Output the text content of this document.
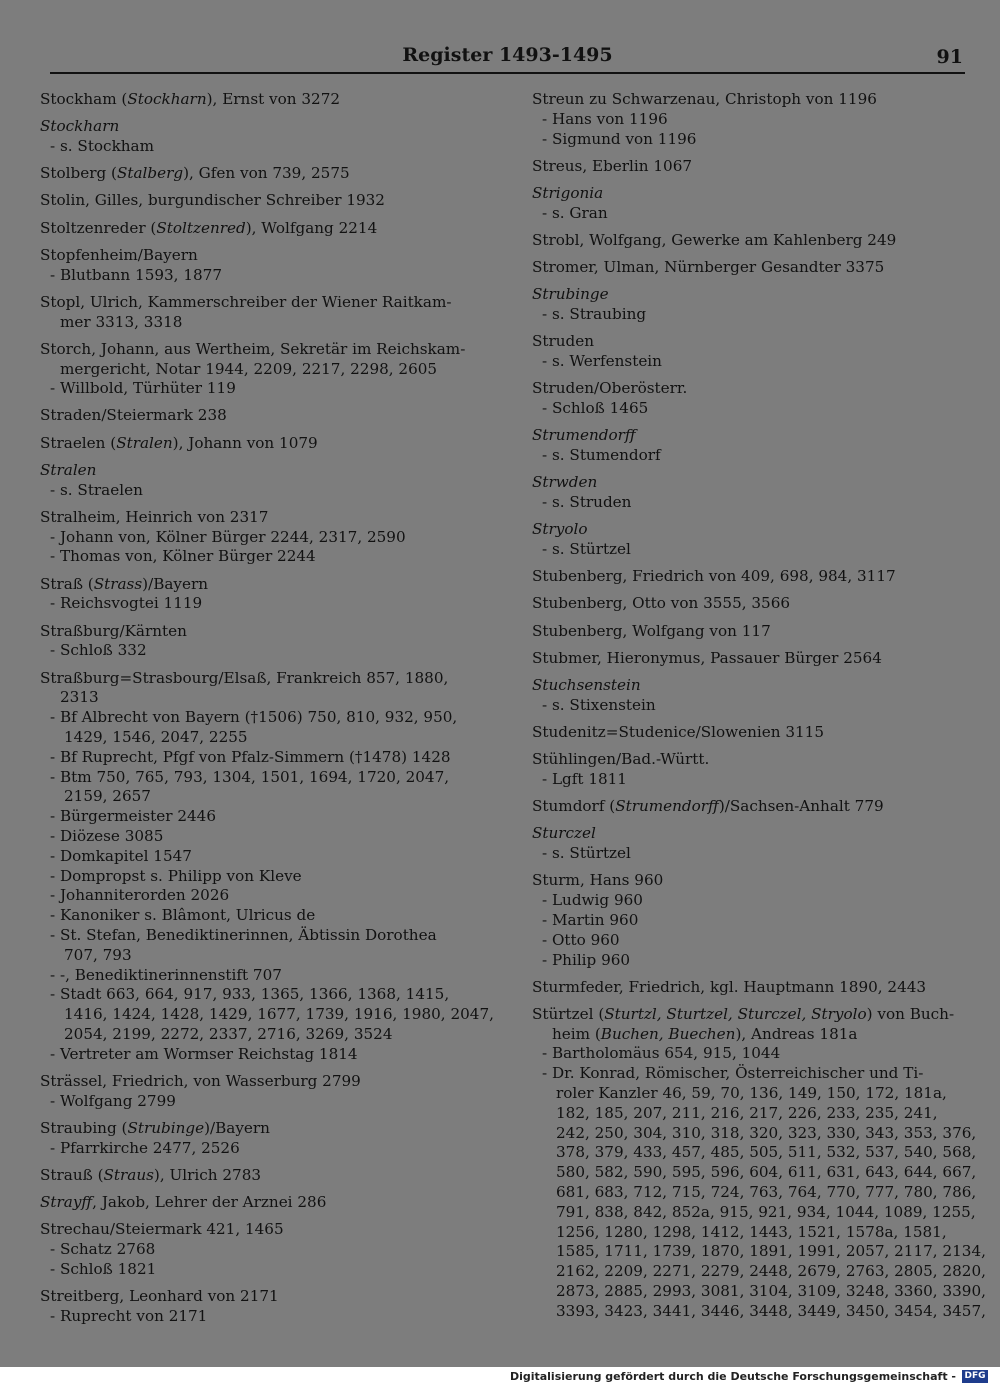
Register 1493-1495	91
Stockham (Stockharn), Ernst von 3272
Stockharn
- s. Stockham
Stolberg (Stalberg), Gfen von 739, 2575
Stolin, Gilles, burgundischer Schreiber 1932
Stoltzenreder (Stoltzenred), Wolfgang 2214
Stopfenheim/Bayern
- Blutbann 1593, 1877
Stopl, Ulrich, Kammerschreiber der Wiener Raitkam-
mer 3313, 3318
Storch, Johann, aus Wertheim, Sekretär im Reichskam-
mergericht, Notar 1944, 2209, 2217, 2298, 2605
- Willbold, Türhüter 119
Straden/Steiermark 238
Straelen (Stralen), Johann von 1079
Stralen
- s. Straelen
Stralheim, Heinrich von 2317
- Johann von, Kölner Bürger 2244, 2317, 2590
- Thomas von, Kölner Bürger 2244
Straß (Strass)/Bayern
- Reichsvogtei 1119
Straßburg/Kärnten
- Schloß 332
Straßburg=Strasbourg/Elsaß, Frankreich 857, 1880,
2313
- Bf Albrecht von Bayern (†1506) 750, 810, 932, 950,
1429, 1546, 2047, 2255
- Bf Ruprecht, Pfgf von Pfalz-Simmern (†1478) 1428
- Btm 750, 765, 793, 1304, 1501, 1694, 1720, 2047,
2159, 2657
- Bürgermeister 2446
- Diözese 3085
- Domkapitel 1547
- Dompropst s. Philipp von Kleve
- Johanniterorden 2026
- Kanoniker s. Blâmont, Ulricus de
- St. Stefan, Benediktinerinnen, Äbtissin Dorothea
707, 793
- -, Benediktinerinnenstift 707
- Stadt 663, 664, 917, 933, 1365, 1366, 1368, 1415,
1416, 1424, 1428, 1429, 1677, 1739, 1916, 1980, 2047,
2054, 2199, 2272, 2337, 2716, 3269, 3524
- Vertreter am Wormser Reichstag 1814
Strässel, Friedrich, von Wasserburg 2799
- Wolfgang 2799
Straubing (Strubinge)/Bayern
- Pfarrkirche 2477, 2526
Strauß (Straus), Ulrich 2783
Strayff, Jakob, Lehrer der Arznei 286
Strechau/Steiermark 421, 1465
- Schatz 2768
- Schloß 1821
Streitberg, Leonhard von 2171
- Ruprecht von 2171
Streun zu Schwarzenau, Christoph von 1196
- Hans von 1196
- Sigmund von 1196
Streus, Eberlin 1067
Strigonia
- s. Gran
Strobl, Wolfgang, Gewerke am Kahlenberg 249
Stromer, Ulman, Nürnberger Gesandter 3375
Strubinge
- s. Straubing
Struden
- s. Werfenstein
Struden/Oberösterr.
- Schloß 1465
Strumendorff
- s. Stumendorf
Strwden
- s. Struden
Stryolo
- s. Stürtzel
Stubenberg, Friedrich von 409, 698, 984, 3117
Stubenberg, Otto von 3555, 3566
Stubenberg, Wolfgang von 117
Stubmer, Hieronymus, Passauer Bürger 2564
Stuchsenstein
- s. Stixenstein
Studenitz=Studenice/Slowenien 3115
Stühlingen/Bad.-Württ.
- Lgft 1811
Stumdorf (Strumendorff)/Sachsen-Anhalt 779
Sturczel
- s. Stürtzel
Sturm, Hans 960
- Ludwig 960
- Martin 960
- Otto 960
- Philip 960
Sturmfeder, Friedrich, kgl. Hauptmann 1890, 2443
Stürtzel (Sturtzl, Sturtzel, Sturczel, Stryolo) von Buch-
heim (Buchen, Buechen), Andreas 181a
- Bartholomäus 654, 915, 1044
- Dr. Konrad, Römischer, Österreichischer und Ti-
roler Kanzler 46, 59, 70, 136, 149, 150, 172, 181a,
182, 185, 207, 211, 216, 217, 226, 233, 235, 241,
242, 250, 304, 310, 318, 320, 323, 330, 343, 353, 376,
378, 379, 433, 457, 485, 505, 511, 532, 537, 540, 568,
580, 582, 590, 595, 596, 604, 611, 631, 643, 644, 667,
681, 683, 712, 715, 724, 763, 764, 770, 777, 780, 786,
791, 838, 842, 852a, 915, 921, 934, 1044, 1089, 1255,
1256, 1280, 1298, 1412, 1443, 1521, 1578a, 1581,
1585, 1711, 1739, 1870, 1891, 1991, 2057, 2117, 2134,
2162, 2209, 2271, 2279, 2448, 2679, 2763, 2805, 2820,
2873, 2885, 2993, 3081, 3104, 3109, 3248, 3360, 3390,
3393, 3423, 3441, 3446, 3448, 3449, 3450, 3454, 3457,
Digitalisierung gefördert durch die Deutsche Forschungsgemeinschaft - DFG
